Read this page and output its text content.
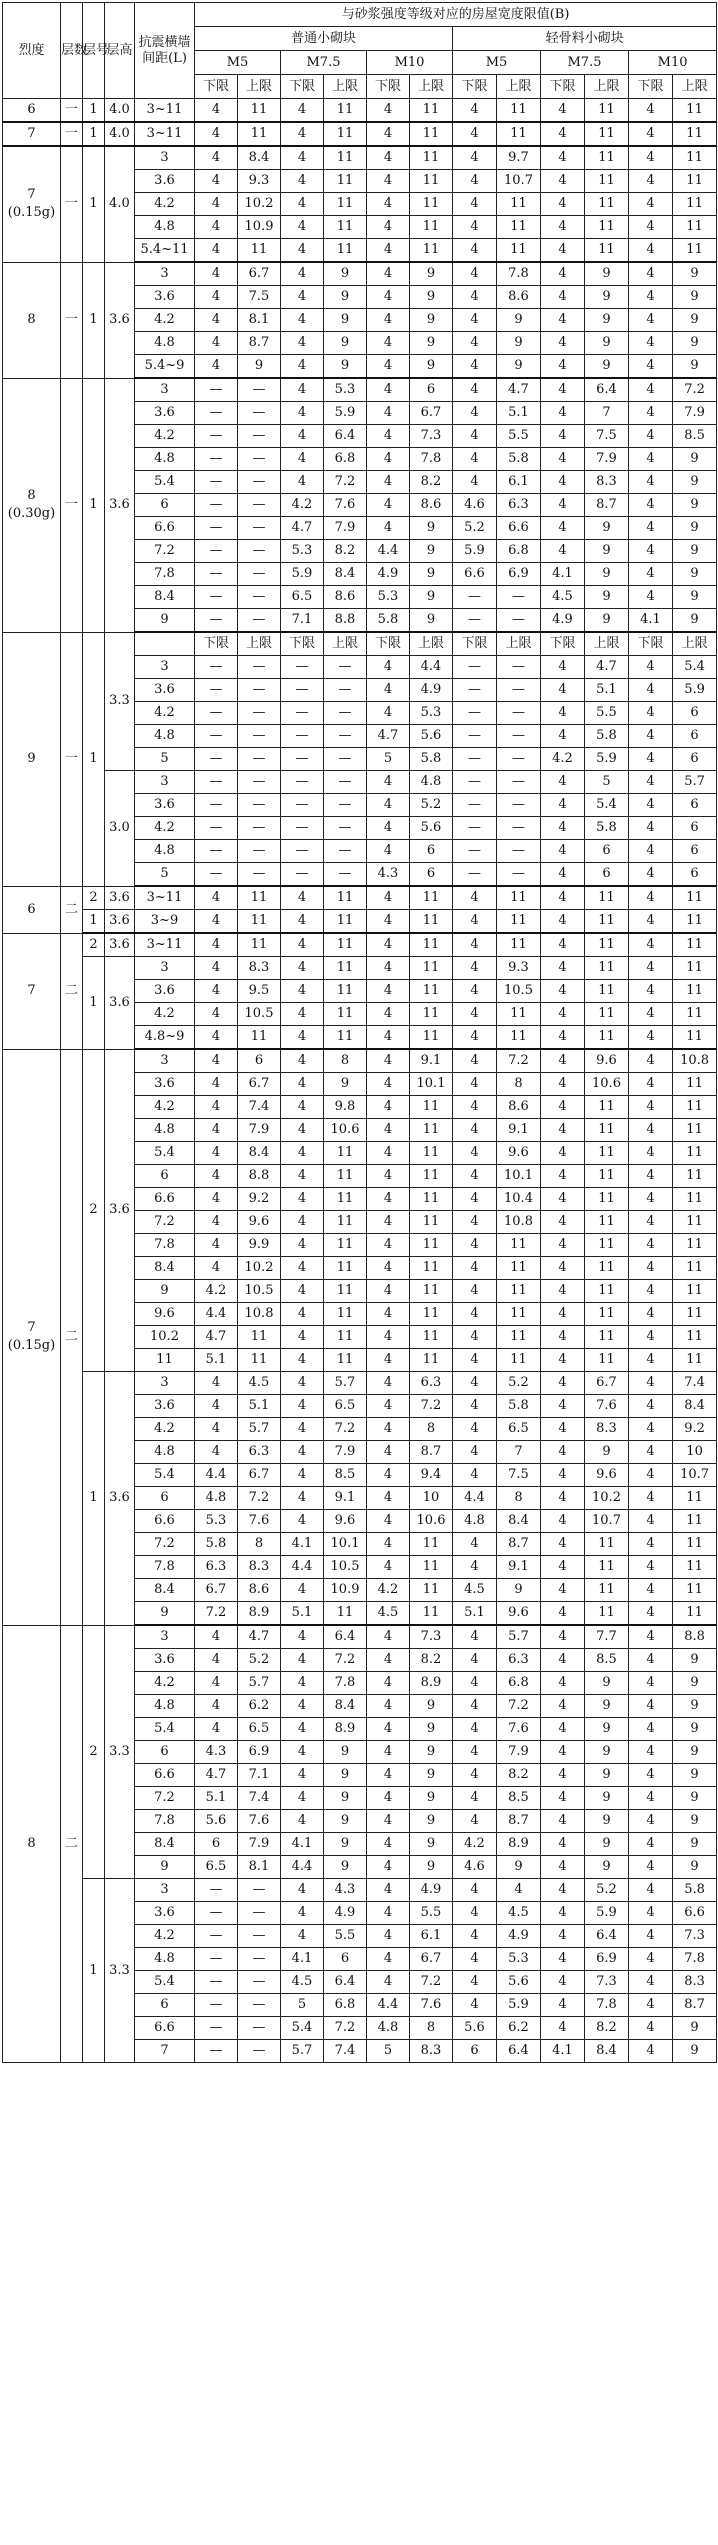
烈度	层数	层号	层高	抗震横墙间距(L)	与砂浆强度等级对应的房屋宽度限值(B)											
					普通小砌块						轻骨料小砌块					
					M5		M7.5		M10		M5		M7.5		M10	
					下限	上限	下限	上限	下限	上限	下限	上限	下限	上限	下限	上限
6	一	1	4.0	3~11	4	11	4	11	4	11	4	11	4	11	4	11
7	一	1	4.0	3~11	4	11	4	11	4	11	4	11	4	11	4	11
7 (0.15g)	一	1	4.0	3	4	8.4	4	11	4	11	4	9.7	4	11	4	11
				3.6	4	9.3	4	11	4	11	4	10.7	4	11	4	11
				4.2	4	10.2	4	11	4	11	4	11	4	11	4	11
				4.8	4	10.9	4	11	4	11	4	11	4	11	4	11
				5.4~11	4	11	4	11	4	11	4	11	4	11	4	11
8	一	1	3.6	3	4	6.7	4	9	4	9	4	7.8	4	9	4	9
				3.6	4	7.5	4	9	4	9	4	8.6	4	9	4	9
				4.2	4	8.1	4	9	4	9	4	9	4	9	4	9
				4.8	4	8.7	4	9	4	9	4	9	4	9	4	9
				5.4~9	4	9	4	9	4	9	4	9	4	9	4	9
8 (0.30g)	一	1	3.6	3	—	—	4	5.3	4	6	4	4.7	4	6.4	4	7.2
				3.6	—	—	4	5.9	4	6.7	4	5.1	4	7	4	7.9
				4.2	—	—	4	6.4	4	7.3	4	5.5	4	7.5	4	8.5
				4.8	—	—	4	6.8	4	7.8	4	5.8	4	7.9	4	9
				5.4	—	—	4	7.2	4	8.2	4	6.1	4	8.3	4	9
				6	—	—	4.2	7.6	4	8.6	4.6	6.3	4	8.7	4	9
				6.6	—	—	4.7	7.9	4	9	5.2	6.6	4	9	4	9
				7.2	—	—	5.3	8.2	4.4	9	5.9	6.8	4	9	4	9
				7.8	—	—	5.9	8.4	4.9	9	6.6	6.9	4.1	9	4	9
				8.4	—	—	6.5	8.6	5.3	9	—	—	4.5	9	4	9
				9	—	—	7.1	8.8	5.8	9	—	—	4.9	9	4.1	9
9	一	1	3.3		下限	上限	下限	上限	下限	上限	下限	上限	下限	上限	下限	上限
				3	—	—	—	—	4	4.4	—	—	4	4.7	4	5.4
				3.6	—	—	—	—	4	4.9	—	—	4	5.1	4	5.9
				4.2	—	—	—	—	4	5.3	—	—	4	5.5	4	6
				4.8	—	—	—	—	4.7	5.6	—	—	4	5.8	4	6
				5	—	—	—	—	5	5.8	—	—	4.2	5.9	4	6
			3.0	3	—	—	—	—	4	4.8	—	—	4	5	4	5.7
				3.6	—	—	—	—	4	5.2	—	—	4	5.4	4	6
				4.2	—	—	—	—	4	5.6	—	—	4	5.8	4	6
				4.8	—	—	—	—	4	6	—	—	4	6	4	6
				5	—	—	—	—	4.3	6	—	—	4	6	4	6
6	二	2	3.6	3~11	4	11	4	11	4	11	4	11	4	11	4	11
		1	3.6	3~9	4	11	4	11	4	11	4	11	4	11	4	11
7	二	2	3.6	3~11	4	11	4	11	4	11	4	11	4	11	4	11
		1	3.6	3	4	8.3	4	11	4	11	4	9.3	4	11	4	11
				3.6	4	9.5	4	11	4	11	4	10.5	4	11	4	11
				4.2	4	10.5	4	11	4	11	4	11	4	11	4	11
				4.8~9	4	11	4	11	4	11	4	11	4	11	4	11
7 (0.15g)	二	2	3.6	3	4	6	4	8	4	9.1	4	7.2	4	9.6	4	10.8
				3.6	4	6.7	4	9	4	10.1	4	8	4	10.6	4	11
				4.2	4	7.4	4	9.8	4	11	4	8.6	4	11	4	11
				4.8	4	7.9	4	10.6	4	11	4	9.1	4	11	4	11
				5.4	4	8.4	4	11	4	11	4	9.6	4	11	4	11
				6	4	8.8	4	11	4	11	4	10.1	4	11	4	11
				6.6	4	9.2	4	11	4	11	4	10.4	4	11	4	11
				7.2	4	9.6	4	11	4	11	4	10.8	4	11	4	11
				7.8	4	9.9	4	11	4	11	4	11	4	11	4	11
				8.4	4	10.2	4	11	4	11	4	11	4	11	4	11
				9	4.2	10.5	4	11	4	11	4	11	4	11	4	11
				9.6	4.4	10.8	4	11	4	11	4	11	4	11	4	11
				10.2	4.7	11	4	11	4	11	4	11	4	11	4	11
				11	5.1	11	4	11	4	11	4	11	4	11	4	11
		1	3.6	3	4	4.5	4	5.7	4	6.3	4	5.2	4	6.7	4	7.4
				3.6	4	5.1	4	6.5	4	7.2	4	5.8	4	7.6	4	8.4
				4.2	4	5.7	4	7.2	4	8	4	6.5	4	8.3	4	9.2
				4.8	4	6.3	4	7.9	4	8.7	4	7	4	9	4	10
				5.4	4.4	6.7	4	8.5	4	9.4	4	7.5	4	9.6	4	10.7
				6	4.8	7.2	4	9.1	4	10	4.4	8	4	10.2	4	11
				6.6	5.3	7.6	4	9.6	4	10.6	4.8	8.4	4	10.7	4	11
				7.2	5.8	8	4.1	10.1	4	11	4	8.7	4	11	4	11
				7.8	6.3	8.3	4.4	10.5	4	11	4	9.1	4	11	4	11
				8.4	6.7	8.6	4	10.9	4.2	11	4.5	9	4	11	4	11
				9	7.2	8.9	5.1	11	4.5	11	5.1	9.6	4	11	4	11
8	二	2	3.3	3	4	4.7	4	6.4	4	7.3	4	5.7	4	7.7	4	8.8
				3.6	4	5.2	4	7.2	4	8.2	4	6.3	4	8.5	4	9
				4.2	4	5.7	4	7.8	4	8.9	4	6.8	4	9	4	9
				4.8	4	6.2	4	8.4	4	9	4	7.2	4	9	4	9
				5.4	4	6.5	4	8.9	4	9	4	7.6	4	9	4	9
				6	4.3	6.9	4	9	4	9	4	7.9	4	9	4	9
				6.6	4.7	7.1	4	9	4	9	4	8.2	4	9	4	9
				7.2	5.1	7.4	4	9	4	9	4	8.5	4	9	4	9
				7.8	5.6	7.6	4	9	4	9	4	8.7	4	9	4	9
				8.4	6	7.9	4.1	9	4	9	4.2	8.9	4	9	4	9
				9	6.5	8.1	4.4	9	4	9	4.6	9	4	9	4	9
		1	3.3	3	—	—	4	4.3	4	4.9	4	4	4	5.2	4	5.8
				3.6	—	—	4	4.9	4	5.5	4	4.5	4	5.9	4	6.6
				4.2	—	—	4	5.5	4	6.1	4	4.9	4	6.4	4	7.3
				4.8	—	—	4.1	6	4	6.7	4	5.3	4	6.9	4	7.8
				5.4	—	—	4.5	6.4	4	7.2	4	5.6	4	7.3	4	8.3
				6	—	—	5	6.8	4.4	7.6	4	5.9	4	7.8	4	8.7
				6.6	—	—	5.4	7.2	4.8	8	5.6	6.2	4	8.2	4	9
				7	—	—	5.7	7.4	5	8.3	6	6.4	4.1	8.4	4	9
